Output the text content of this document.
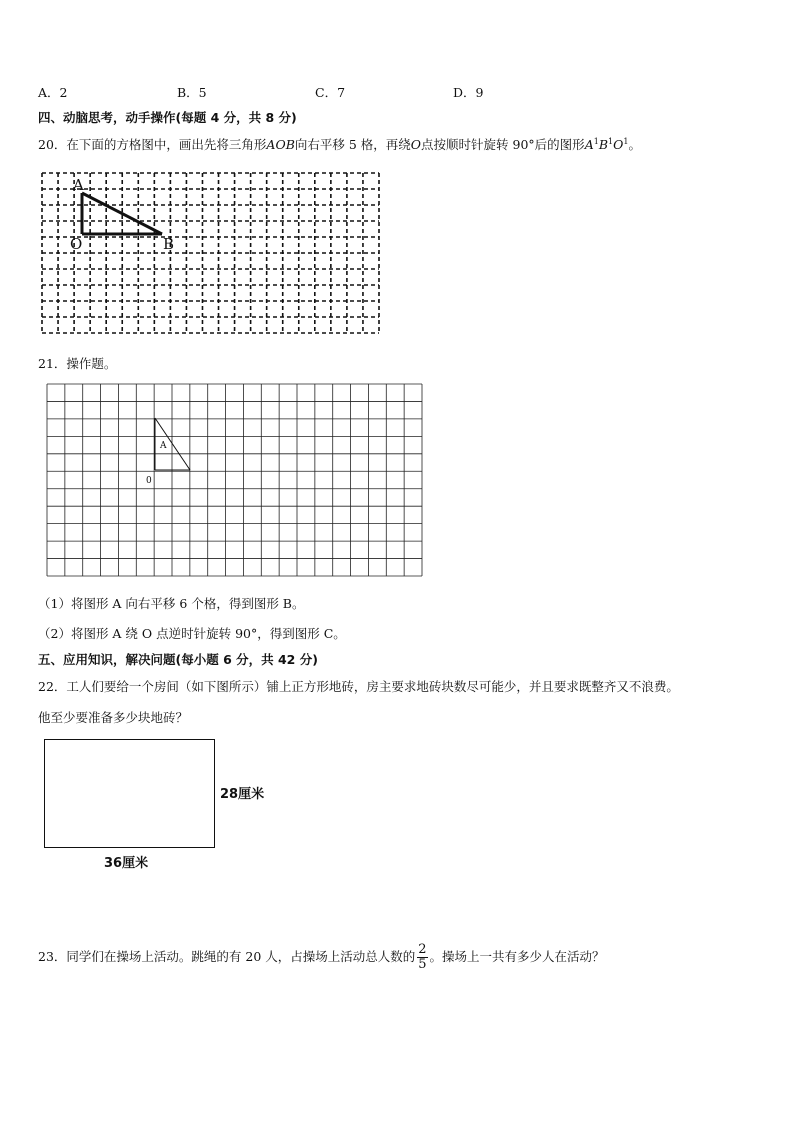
A．2	B．5	C．7	D．9
四、动脑思考，动手操作(每题 4 分，共 8 分)
20．在下面的方格图中，画出先将三角形AOB向右平移 5 格，再绕O点按顺时针旋转 90°后的图形$A^1B^1O^1$。
A
O	B
21．操作题。
A
0
（1）将图形 A 向右平移 6 个格，得到图形 B。
（2）将图形 A 绕 O 点逆时针旋转 90°，得到图形 C。
五、应用知识，解决问题(每小题 6 分，共 42 分)
22．工人们要给一个房间（如下图所示）铺上正方形地砖，房主要求地砖块数尽可能少，并且要求既整齐又不浪费。
他至少要准备多少块地砖？
28厘米
36厘米
23．同学们在操场上活动。跳绳的有 20 人，占操场上活动总人数的 $\frac{2}{5}$ 。操场上一共有多少人在活动？
